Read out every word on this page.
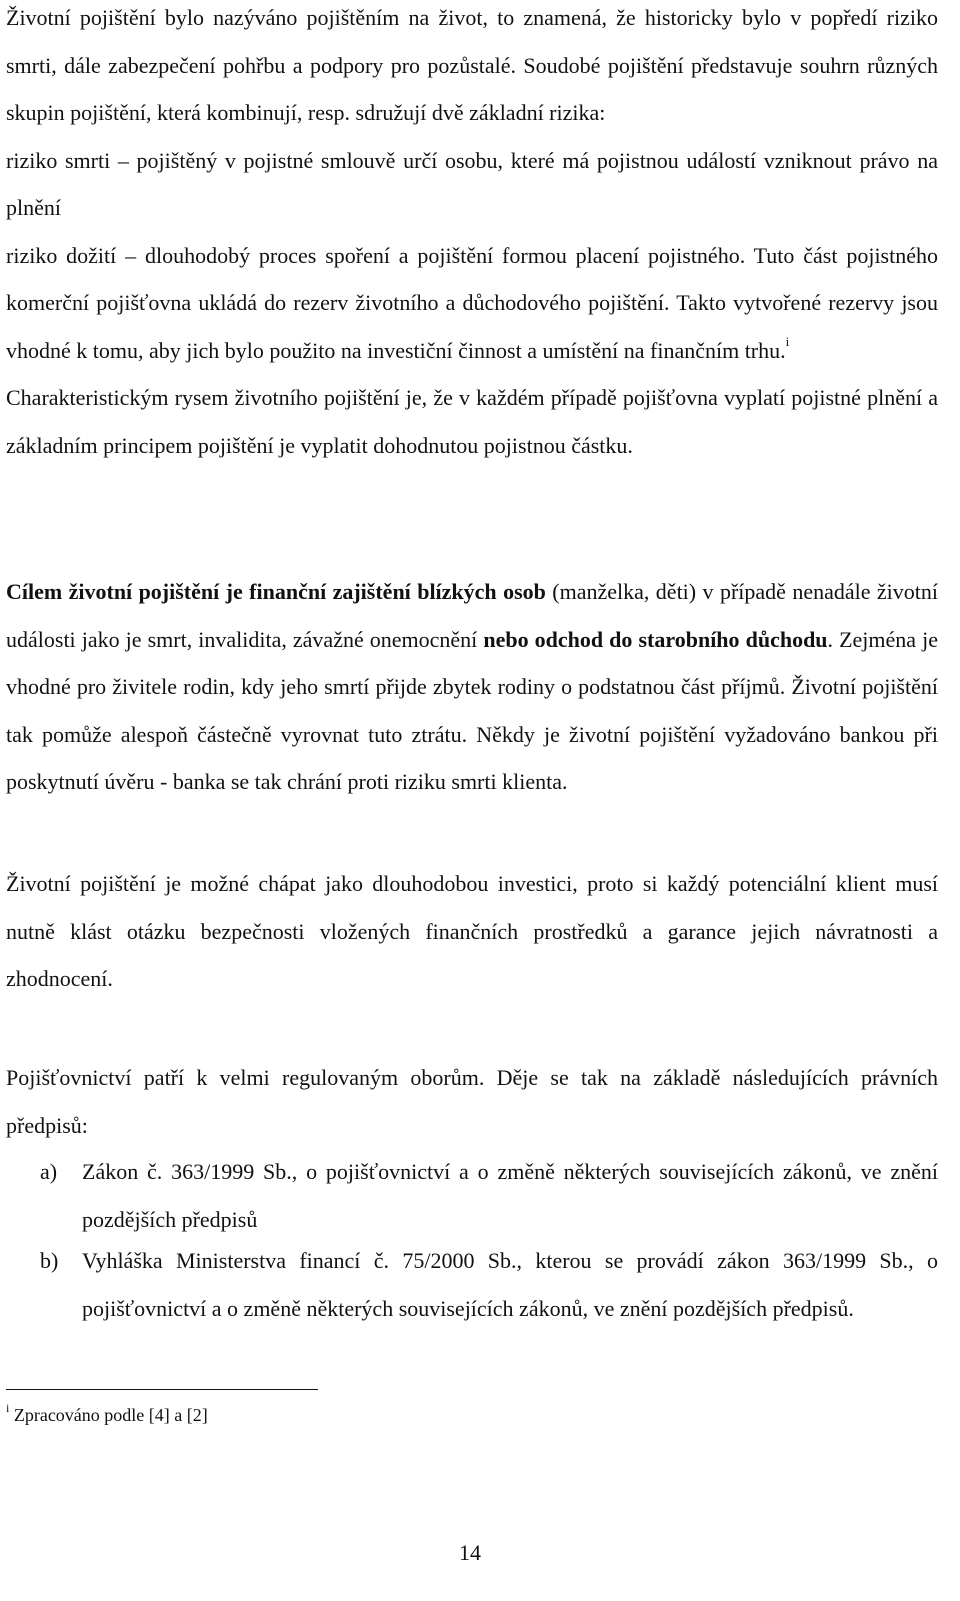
Životní pojištění bylo nazýváno pojištěním na život, to znamená, že historicky bylo v popředí riziko smrti, dále zabezpečení pohřbu a podpory pro pozůstalé. Soudobé pojištění představuje souhrn různých skupin pojištění, která kombinují, resp. sdružují dvě základní rizika:
riziko smrti – pojištěný v pojistné smlouvě určí osobu, které má pojistnou událostí vzniknout právo na plnění
riziko dožití – dlouhodobý proces spoření a pojištění formou placení pojistného. Tuto část pojistného komerční pojišťovna ukládá do rezerv životního a důchodového pojištění. Takto vytvořené rezervy jsou vhodné k tomu, aby jich bylo použito na investiční činnost a umístění na finančním trhu.$^i$
Charakteristickým rysem životního pojištění je, že v každém případě pojišťovna vyplatí pojistné plnění a základním principem pojištění je vyplatit dohodnutou pojistnou částku.

Cílem životní pojištění je finanční zajištění blízkých osob (manželka, děti) v případě nenadále životní události jako je smrt, invalidita, závažné onemocnění nebo odchod do starobního důchodu. Zejména je vhodné pro živitele rodin, kdy jeho smrtí přijde zbytek rodiny o podstatnou část příjmů. Životní pojištění tak pomůže alespoň částečně vyrovnat tuto ztrátu. Někdy je životní pojištění vyžadováno bankou při poskytnutí úvěru - banka se tak chrání proti riziku smrti klienta.

Životní pojištění je možné chápat jako dlouhodobou investici, proto si každý potenciální klient musí nutně klást otázku bezpečnosti vložených finančních prostředků a garance jejich návratnosti a zhodnocení.

Pojišťovnictví patří k velmi regulovaným oborům. Děje se tak na základě následujících právních předpisů:

a) Zákon č. 363/1999 Sb., o pojišťovnictví a o změně některých souvisejících zákonů, ve znění pozdějších předpisů
b) Vyhláška Ministerstva financí č. 75/2000 Sb., kterou se provádí zákon 363/1999 Sb., o pojišťovnictví a o změně některých souvisejících zákonů, ve znění pozdějších předpisů.
$^i$ Zpracováno podle [4] a [2]
14
